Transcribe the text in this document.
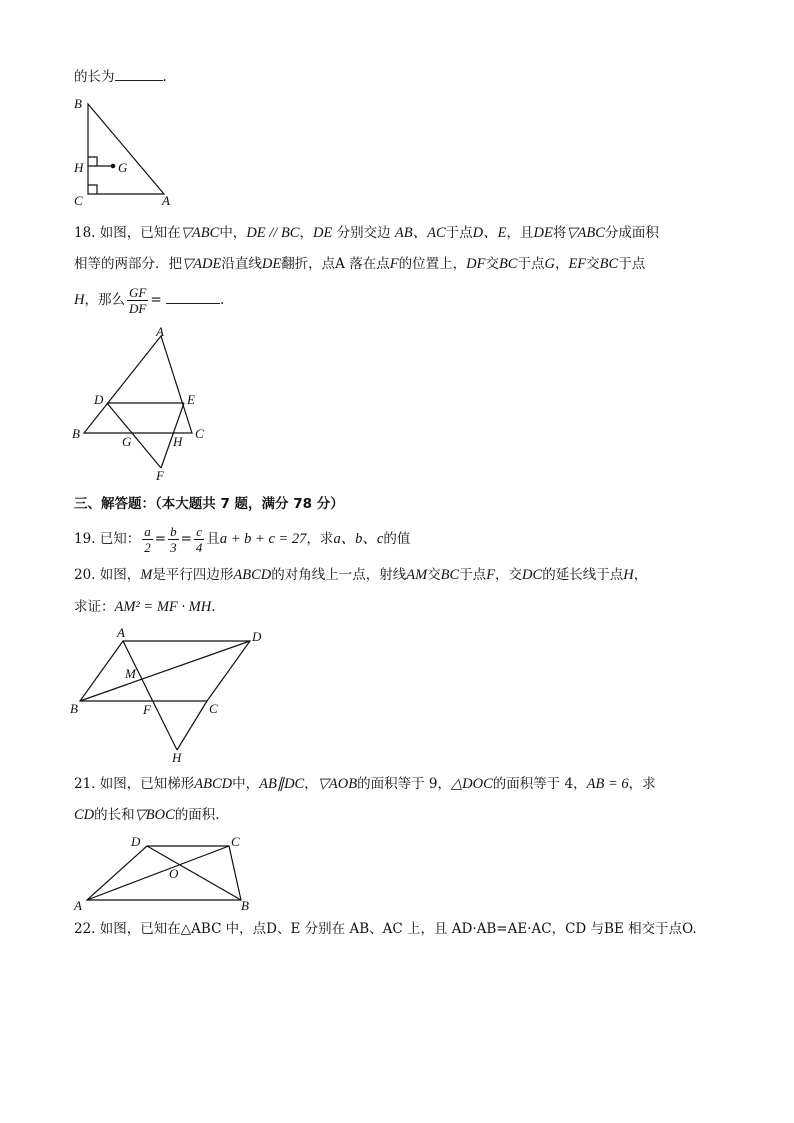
的长为	.
B
H	G
C	A
18. 如图，已知在▽ABC中，DE // BC，DE 分别交边 AB、AC于点D、E，且DE将▽ABC分成面积
相等的两部分．把▽ADE沿直线DE翻折，点A 落在点F的位置上，DF交BC于点G，EF交BC于点
H，那么 $\frac{GF}{DF}$ =	.
A
D	E
B
G	H
C
F
三、解答题：（本大题共 7 题，满分 78 分）
19. 已知： $\frac{a}{2} = \frac{b}{3} = \frac{c}{4}$ 且a + b + c = 27，求a、b、c的值
20. 如图，M是平行四边形ABCD的对角线上一点，射线AM交BC于点F，交DC的延长线于点H，
求证：AM² = MF · MH.
A	D
M
B	F	C
H
21. 如图，已知梯形ABCD中，AB∥DC，▽AOB的面积等于 9，△DOC的面积等于 4，AB = 6，求
CD的长和▽BOC的面积．
D	C
O
A	B
22. 如图，已知在△ABC 中，点D、E 分别在 AB、AC 上，且 AD·AB=AE·AC，CD 与BE 相交于点O.
